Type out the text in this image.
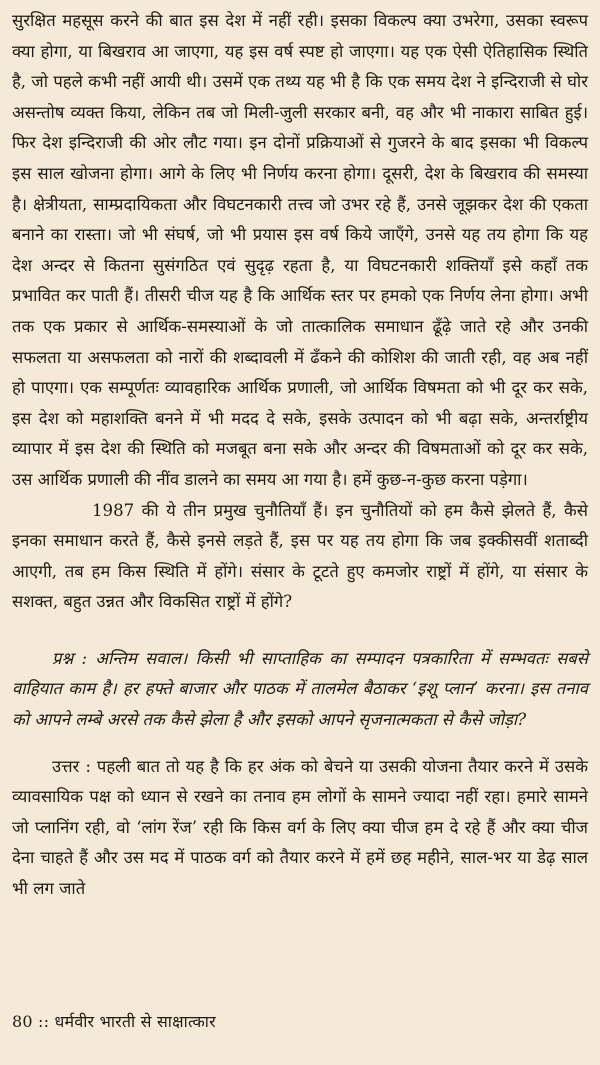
सुरक्षित महसूस करने की बात इस देश में नहीं रही। इसका विकल्प क्या उभरेगा, उसका स्वरूप क्या होगा, या बिखराव आ जाएगा, यह इस वर्ष स्पष्ट हो जाएगा। यह एक ऐसी ऐतिहासिक स्थिति है, जो पहले कभी नहीं आयी थी। उसमें एक तथ्य यह भी है कि एक समय देश ने इन्दिराजी से घोर असन्तोष व्यक्त किया, लेकिन तब जो मिली-जुली सरकार बनी, वह और भी नाकारा साबित हुई। फिर देश इन्दिराजी की ओर लौट गया। इन दोनों प्रक्रियाओं से गुजरने के बाद इसका भी विकल्प इस साल खोजना होगा। आगे के लिए भी निर्णय करना होगा। दूसरी, देश के बिखराव की समस्या है। क्षेत्रीयता, साम्प्रदायिकता और विघटनकारी तत्त्व जो उभर रहे हैं, उनसे जूझकर देश की एकता बनाने का रास्ता। जो भी संघर्ष, जो भी प्रयास इस वर्ष किये जाएँगे, उनसे यह तय होगा कि यह देश अन्दर से कितना सुसंगठित एवं सुदृढ़ रहता है, या विघटनकारी शक्तियाँ इसे कहाँ तक प्रभावित कर पाती हैं। तीसरी चीज यह है कि आर्थिक स्तर पर हमको एक निर्णय लेना होगा। अभी तक एक प्रकार से आर्थिक-समस्याओं के जो तात्कालिक समाधान ढूँढ़े जाते रहे और उनकी सफलता या असफलता को नारों की शब्दावली में ढँकने की कोशिश की जाती रही, वह अब नहीं हो पाएगा। एक सम्पूर्णतः व्यावहारिक आर्थिक प्रणाली, जो आर्थिक विषमता को भी दूर कर सके, इस देश को महाशक्ति बनने में भी मदद दे सके, इसके उत्पादन को भी बढ़ा सके, अन्तर्राष्ट्रीय व्यापार में इस देश की स्थिति को मजबूत बना सके और अन्दर की विषमताओं को दूर कर सके, उस आर्थिक प्रणाली की नींव डालने का समय आ गया है। हमें कुछ-न-कुछ करना पड़ेगा।

1987 की ये तीन प्रमुख चुनौतियाँ हैं। इन चुनौतियों को हम कैसे झेलते हैं, कैसे इनका समाधान करते हैं, कैसे इनसे लड़ते हैं, इस पर यह तय होगा कि जब इक्कीसवीं शताब्दी आएगी, तब हम किस स्थिति में होंगे। संसार के टूटते हुए कमजोर राष्ट्रों में होंगे, या संसार के सशक्त, बहुत उन्नत और विकसित राष्ट्रों में होंगे?

प्रश्न : अन्तिम सवाल। किसी भी साप्ताहिक का सम्पादन पत्रकारिता में सम्भवतः सबसे वाहियात काम है। हर हफ्ते बाजार और पाठक में तालमेल बैठाकर ‘इशू प्लान’ करना। इस तनाव को आपने लम्बे अरसे तक कैसे झेला है और इसको आपने सृजनात्मकता से कैसे जोड़ा?

उत्तर : पहली बात तो यह है कि हर अंक को बेचने या उसकी योजना तैयार करने में उसके व्यावसायिक पक्ष को ध्यान से रखने का तनाव हम लोगों के सामने ज्यादा नहीं रहा। हमारे सामने जो प्लानिंग रही, वो ‘लांग रेंज’ रही कि किस वर्ग के लिए क्या चीज हम दे रहे हैं और क्या चीज देना चाहते हैं और उस मद में पाठक वर्ग को तैयार करने में हमें छह महीने, साल-भर या डेढ़ साल भी लग जाते

80 :: धर्मवीर भारती से साक्षात्कार
